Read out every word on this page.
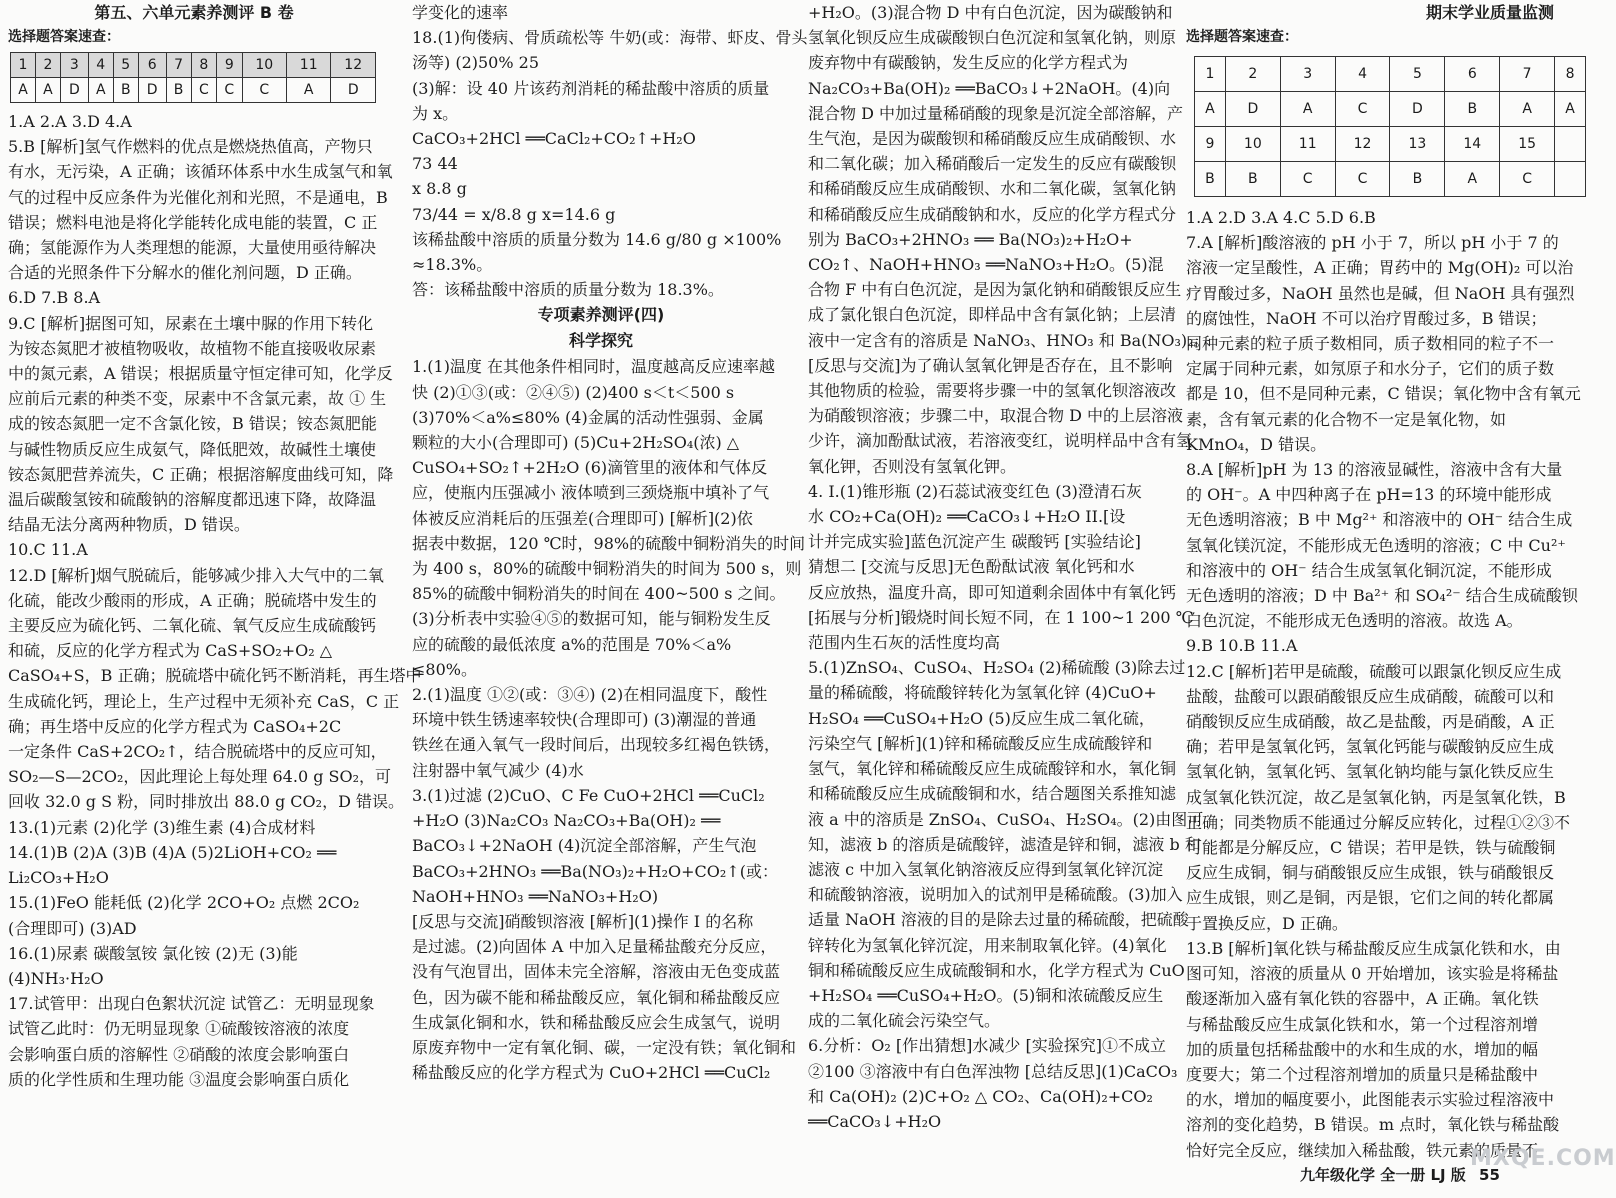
第五、六单元素养测评 B 卷

选择题答案速查：

1	2	3	4	5	6	7	8	9	10	11	12
A	A	D	A	B	D	B	C	C	C	A	D

1.A 2.A 3.D 4.A

5.B [解析]氢气作燃料的优点是燃烧热值高，产物只

有水，无污染，A 正确；该循环体系中水生成氢气和氧

气的过程中反应条件为光催化剂和光照，不是通电，B

错误；燃料电池是将化学能转化成电能的装置，C 正

确；氢能源作为人类理想的能源，大量使用亟待解决

合适的光照条件下分解水的催化剂问题，D 正确。

6.D 7.B 8.A

9.C [解析]据图可知，尿素在土壤中脲的作用下转化

为铵态氮肥才被植物吸收，故植物不能直接吸收尿素

中的氮元素，A 错误；根据质量守恒定律可知，化学反

应前后元素的种类不变，尿素中不含氯元素，故 ① 生

成的铵态氮肥一定不含氯化铵，B 错误；铵态氮肥能

与碱性物质反应生成氨气，降低肥效，故碱性土壤使

铵态氮肥营养流失，C 正确；根据溶解度曲线可知，降

温后碳酸氢铵和硫酸钠的溶解度都迅速下降，故降温

结晶无法分离两种物质，D 错误。

10.C 11.A

12.D [解析]烟气脱硫后，能够减少排入大气中的二氧

化硫，能改少酸雨的形成，A 正确；脱硫塔中发生的

主要反应为硫化钙、二氧化硫、氧气反应生成硫酸钙

和硫，反应的化学方程式为 CaS+SO₂+O₂ △

CaSO₄+S，B 正确；脱硫塔中硫化钙不断消耗，再生塔中

生成硫化钙，理论上，生产过程中无须补充 CaS，C 正

确；再生塔中反应的化学方程式为 CaSO₄+2C

一定条件 CaS+2CO₂↑，结合脱硫塔中的反应可知，

SO₂—S—2CO₂，因此理论上每处理 64.0 g SO₂，可

回收 32.0 g S 粉，同时排放出 88.0 g CO₂，D 错误。

13.(1)元素 (2)化学 (3)维生素 (4)合成材料

14.(1)B (2)A (3)B (4)A (5)2LiOH+CO₂ ══

Li₂CO₃+H₂O

15.(1)FeO 能耗低 (2)化学 2CO+O₂ 点燃 2CO₂

(合理即可) (3)AD

16.(1)尿素 碳酸氢铵 氯化铵 (2)无 (3)能

(4)NH₃·H₂O

17.试管甲：出现白色絮状沉淀 试管乙：无明显现象

试管乙此时：仍无明显现象 ①硫酸铵溶液的浓度

会影响蛋白质的溶解性 ②硝酸的浓度会影响蛋白

质的化学性质和生理功能 ③温度会影响蛋白质化

学变化的速率

18.(1)佝偻病、骨质疏松等 牛奶(或：海带、虾皮、骨头

汤等) (2)50% 25

(3)解：设 40 片该药剂消耗的稀盐酸中溶质的质量

为 x。

CaCO₃+2HCl ══CaCl₂+CO₂↑+H₂O

73 44

x 8.8 g

73/44 = x/8.8 g x=14.6 g

该稀盐酸中溶质的质量分数为 14.6 g/80 g ×100%

≈18.3%。

答：该稀盐酸中溶质的质量分数为 18.3%。

专项素养测评(四)

科学探究

1.(1)温度 在其他条件相同时，温度越高反应速率越

快 (2)①③(或：②④⑤) (2)400 s＜t＜500 s

(3)70%＜a%≤80% (4)金属的活动性强弱、金属

颗粒的大小(合理即可) (5)Cu+2H₂SO₄(浓) △

CuSO₄+SO₂↑+2H₂O (6)滴管里的液体和气体反

应，使瓶内压强减小 液体喷到三颈烧瓶中填补了气

体被反应消耗后的压强差(合理即可) [解析](2)依

据表中数据，120 ℃时，98%的硫酸中铜粉消失的时间

为 400 s，80%的硫酸中铜粉消失的时间为 500 s，则

85%的硫酸中铜粉消失的时间在 400~500 s 之间。

(3)分析表中实验④⑤的数据可知，能与铜粉发生反

应的硫酸的最低浓度 a%的范围是 70%＜a%

≤80%。

2.(1)温度 ①②(或：③④) (2)在相同温度下，酸性

环境中铁生锈速率较快(合理即可) (3)潮湿的普通

铁丝在通入氧气一段时间后，出现较多红褐色铁锈，

注射器中氧气减少 (4)水

3.(1)过滤 (2)CuO、C Fe CuO+2HCl ══CuCl₂

+H₂O (3)Na₂CO₃ Na₂CO₃+Ba(OH)₂ ══

BaCO₃↓+2NaOH (4)沉淀全部溶解，产生气泡

BaCO₃+2HNO₃ ══Ba(NO₃)₂+H₂O+CO₂↑(或：

NaOH+HNO₃ ══NaNO₃+H₂O)

[反思与交流]硝酸钡溶液 [解析](1)操作 I 的名称

是过滤。(2)向固体 A 中加入足量稀盐酸充分反应，

没有气泡冒出，固体未完全溶解，溶液由无色变成蓝

色，因为碳不能和稀盐酸反应，氧化铜和稀盐酸反应

生成氯化铜和水，铁和稀盐酸反应会生成氢气，说明

原废弃物中一定有氧化铜、碳，一定没有铁；氧化铜和

稀盐酸反应的化学方程式为 CuO+2HCl ══CuCl₂

+H₂O。(3)混合物 D 中有白色沉淀，因为碳酸钠和

氢氧化钡反应生成碳酸钡白色沉淀和氢氧化钠，则原

废弃物中有碳酸钠，发生反应的化学方程式为

Na₂CO₃+Ba(OH)₂ ══BaCO₃↓+2NaOH。(4)向

混合物 D 中加过量稀硝酸的现象是沉淀全部溶解，产

生气泡，是因为碳酸钡和稀硝酸反应生成硝酸钡、水

和二氧化碳；加入稀硝酸后一定发生的反应有碳酸钡

和稀硝酸反应生成硝酸钡、水和二氧化碳，氢氧化钠

和稀硝酸反应生成硝酸钠和水，反应的化学方程式分

别为 BaCO₃+2HNO₃ ══ Ba(NO₃)₂+H₂O+

CO₂↑、NaOH+HNO₃ ══NaNO₃+H₂O。(5)混

合物 F 中有白色沉淀，是因为氯化钠和硝酸银反应生

成了氯化银白色沉淀，即样品中含有氯化钠；上层清

液中一定含有的溶质是 NaNO₃、HNO₃ 和 Ba(NO₃)₂。

[反思与交流]为了确认氢氧化钾是否存在，且不影响

其他物质的检验，需要将步骤一中的氢氧化钡溶液改

为硝酸钡溶液；步骤二中，取混合物 D 中的上层溶液

少许，滴加酚酞试液，若溶液变红，说明样品中含有氢

氧化钾，否则没有氢氧化钾。

4. I.(1)锥形瓶 (2)石蕊试液变红色 (3)澄清石灰

水 CO₂+Ca(OH)₂ ══CaCO₃↓+H₂O II.[设

计并完成实验]蓝色沉淀产生 碳酸钙 [实验结论]

猜想二 [交流与反思]无色酚酞试液 氧化钙和水

反应放热，温度升高，即可知道剩余固体中有氧化钙

[拓展与分析]锻烧时间长短不同，在 1 100~1 200 ℃

范围内生石灰的活性度均高

5.(1)ZnSO₄、CuSO₄、H₂SO₄ (2)稀硫酸 (3)除去过

量的稀硫酸，将硫酸锌转化为氢氧化锌 (4)CuO+

H₂SO₄ ══CuSO₄+H₂O (5)反应生成二氧化硫，

污染空气 [解析](1)锌和稀硫酸反应生成硫酸锌和

氢气，氧化锌和稀硫酸反应生成硫酸锌和水，氧化铜

和稀硫酸反应生成硫酸铜和水，结合题图关系推知滤

液 a 中的溶质是 ZnSO₄、CuSO₄、H₂SO₄。(2)由图可

知，滤液 b 的溶质是硫酸锌，滤渣是锌和铜，滤液 b 和

滤液 c 中加入氢氧化钠溶液反应得到氢氧化锌沉淀

和硫酸钠溶液，说明加入的试剂甲是稀硫酸。(3)加入

适量 NaOH 溶液的目的是除去过量的稀硫酸，把硫酸

锌转化为氢氧化锌沉淀，用来制取氧化锌。(4)氧化

铜和稀硫酸反应生成硫酸铜和水，化学方程式为 CuO

+H₂SO₄ ══CuSO₄+H₂O。(5)铜和浓硫酸反应生

成的二氧化硫会污染空气。

6.分析：O₂ [作出猜想]水减少 [实验探究]①不成立

②100 ③溶液中有白色浑浊物 [总结反思](1)CaCO₃

和 Ca(OH)₂ (2)C+O₂ △ CO₂、Ca(OH)₂+CO₂

══CaCO₃↓+H₂O

期末学业质量监测

选择题答案速查：

1	2	3	4	5	6	7	8
A	D	A	C	D	B	A	A
9	10	11	12	13	14	15	
B	B	C	C	B	A	C	

1.A 2.D 3.A 4.C 5.D 6.B

7.A [解析]酸溶液的 pH 小于 7，所以 pH 小于 7 的

溶液一定呈酸性，A 正确；胃药中的 Mg(OH)₂ 可以治

疗胃酸过多，NaOH 虽然也是碱，但 NaOH 具有强烈

的腐蚀性，NaOH 不可以治疗胃酸过多，B 错误；

同种元素的粒子质子数相同，质子数相同的粒子不一

定属于同种元素，如氖原子和水分子，它们的质子数

都是 10，但不是同种元素，C 错误；氧化物中含有氧元

素，含有氧元素的化合物不一定是氧化物，如

KMnO₄，D 错误。

8.A [解析]pH 为 13 的溶液显碱性，溶液中含有大量

的 OH⁻。A 中四种离子在 pH=13 的环境中能形成

无色透明溶液；B 中 Mg²⁺ 和溶液中的 OH⁻ 结合生成

氢氧化镁沉淀，不能形成无色透明的溶液；C 中 Cu²⁺

和溶液中的 OH⁻ 结合生成氢氧化铜沉淀，不能形成

无色透明的溶液；D 中 Ba²⁺ 和 SO₄²⁻ 结合生成硫酸钡

白色沉淀，不能形成无色透明的溶液。故选 A。

9.B 10.B 11.A

12.C [解析]若甲是硫酸，硫酸可以跟氯化钡反应生成

盐酸，盐酸可以跟硝酸银反应生成硝酸，硫酸可以和

硝酸钡反应生成硝酸，故乙是盐酸，丙是硝酸，A 正

确；若甲是氢氧化钙，氢氧化钙能与碳酸钠反应生成

氢氧化钠，氢氧化钙、氢氧化钠均能与氯化铁反应生

成氢氧化铁沉淀，故乙是氢氧化钠，丙是氢氧化铁，B

正确；同类物质不能通过分解反应转化，过程①②③不

可能都是分解反应，C 错误；若甲是铁，铁与硫酸铜

反应生成铜，铜与硝酸银反应生成银，铁与硝酸银反

应生成银，则乙是铜，丙是银，它们之间的转化都属

于置换反应，D 正确。

13.B [解析]氧化铁与稀盐酸反应生成氯化铁和水，由

图可知，溶液的质量从 0 开始增加，该实验是将稀盐

酸逐渐加入盛有氧化铁的容器中，A 正确。氧化铁

与稀盐酸反应生成氯化铁和水，第一个过程溶剂增

加的质量包括稀盐酸中的水和生成的水，增加的幅

度要大；第二个过程溶剂增加的质量只是稀盐酸中

的水，增加的幅度要小，此图能表示实验过程溶液中

溶剂的变化趋势，B 错误。m 点时，氧化铁与稀盐酸

恰好完全反应，继续加入稀盐酸，铁元素的质量不

九年级化学 全一册 LJ 版 55
MXQE.COM
